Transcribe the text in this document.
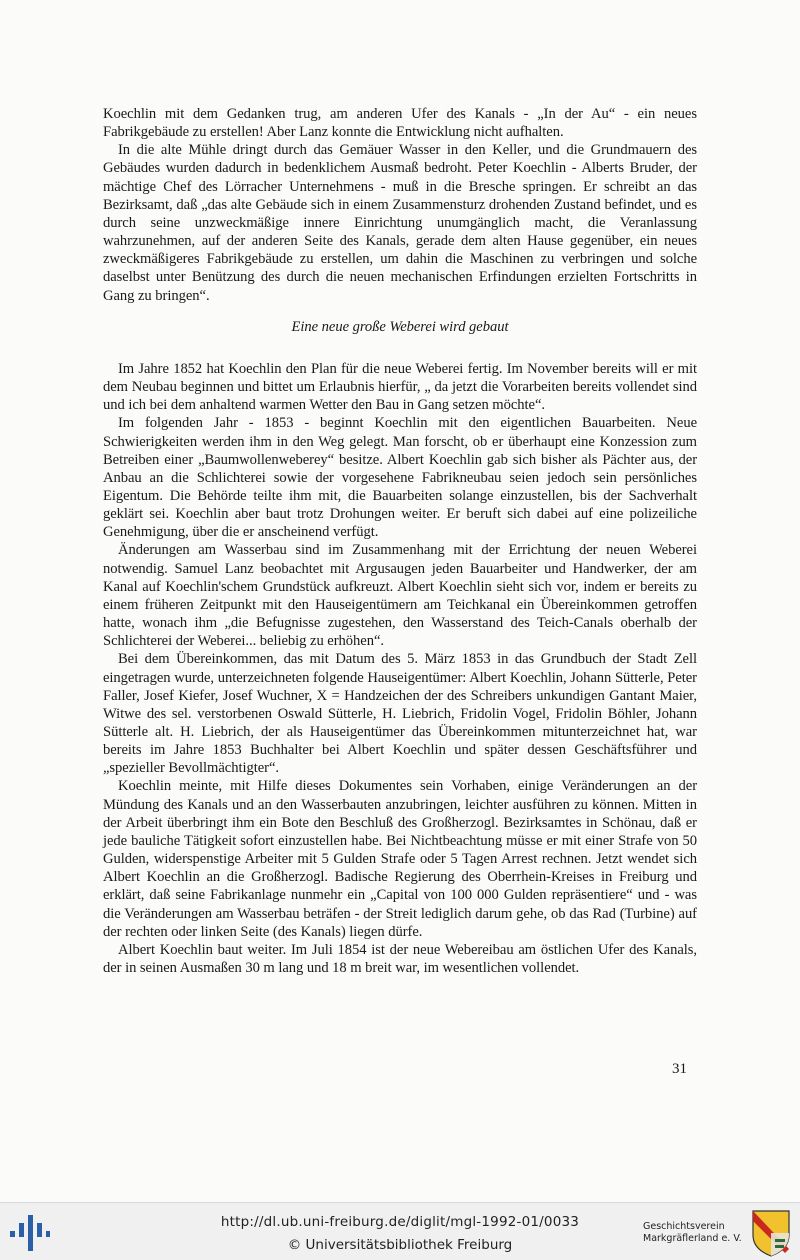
Koechlin mit dem Gedanken trug, am anderen Ufer des Kanals - „In der Au“ - ein neues Fabrikgebäude zu erstellen! Aber Lanz konnte die Entwicklung nicht aufhalten.

In die alte Mühle dringt durch das Gemäuer Wasser in den Keller, und die Grundmauern des Gebäudes wurden dadurch in bedenklichem Ausmaß bedroht. Peter Koechlin - Alberts Bruder, der mächtige Chef des Lörracher Unternehmens - muß in die Bresche springen. Er schreibt an das Bezirksamt, daß „das alte Gebäude sich in einem Zusammensturz drohenden Zustand befindet, und es durch seine unzweckmäßige innere Einrichtung unumgänglich macht, die Veranlassung wahrzunehmen, auf der anderen Seite des Kanals, gerade dem alten Hause gegenüber, ein neues zweckmäßigeres Fabrikgebäude zu erstellen, um dahin die Maschinen zu verbringen und solche daselbst unter Benützung des durch die neuen mechanischen Erfindungen erzielten Fortschritts in Gang zu bringen“.

Eine neue große Weberei wird gebaut

Im Jahre 1852 hat Koechlin den Plan für die neue Weberei fertig. Im November bereits will er mit dem Neubau beginnen und bittet um Erlaubnis hierfür, „ da jetzt die Vorarbeiten bereits vollendet sind und ich bei dem anhaltend warmen Wetter den Bau in Gang setzen möchte“.

Im folgenden Jahr - 1853 - beginnt Koechlin mit den eigentlichen Bauarbeiten. Neue Schwierigkeiten werden ihm in den Weg gelegt. Man forscht, ob er überhaupt eine Konzession zum Betreiben einer „Baumwollenweberey“ besitze. Albert Koechlin gab sich bisher als Pächter aus, der Anbau an die Schlichterei sowie der vorgesehene Fabrikneubau seien jedoch sein persönliches Eigentum. Die Behörde teilte ihm mit, die Bauarbeiten solange einzustellen, bis der Sachverhalt geklärt sei. Koechlin aber baut trotz Drohungen weiter. Er beruft sich dabei auf eine polizeiliche Genehmigung, über die er anscheinend verfügt.

Änderungen am Wasserbau sind im Zusammenhang mit der Errichtung der neuen Weberei notwendig. Samuel Lanz beobachtet mit Argusaugen jeden Bauarbeiter und Handwerker, der am Kanal auf Koechlin'schem Grundstück aufkreuzt. Albert Koechlin sieht sich vor, indem er bereits zu einem früheren Zeitpunkt mit den Hauseigentümern am Teichkanal ein Übereinkommen getroffen hatte, wonach ihm „die Befugnisse zugestehen, den Wasserstand des Teich-Canals oberhalb der Schlichterei der Weberei... beliebig zu erhöhen“.

Bei dem Übereinkommen, das mit Datum des 5. März 1853 in das Grundbuch der Stadt Zell eingetragen wurde, unterzeichneten folgende Hauseigentümer: Albert Koechlin, Johann Sütterle, Peter Faller, Josef Kiefer, Josef Wuchner, X = Handzeichen der des Schreibers unkundigen Gantant Maier, Witwe des sel. verstorbenen Oswald Sütterle, H. Liebrich, Fridolin Vogel, Fridolin Böhler, Johann Sütterle alt. H. Liebrich, der als Hauseigentümer das Übereinkommen mitunterzeichnet hat, war bereits im Jahre 1853 Buchhalter bei Albert Koechlin und später dessen Geschäftsführer und „spezieller Bevollmächtigter“.

Koechlin meinte, mit Hilfe dieses Dokumentes sein Vorhaben, einige Veränderungen an der Mündung des Kanals und an den Wasserbauten anzubringen, leichter ausführen zu können. Mitten in der Arbeit überbringt ihm ein Bote den Beschluß des Großherzogl. Bezirksamtes in Schönau, daß er jede bauliche Tätigkeit sofort einzustellen habe. Bei Nichtbeachtung müsse er mit einer Strafe von 50 Gulden, widerspenstige Arbeiter mit 5 Gulden Strafe oder 5 Tagen Arrest rechnen. Jetzt wendet sich Albert Koechlin an die Großherzogl. Badische Regierung des Oberrhein-Kreises in Freiburg und erklärt, daß seine Fabrikanlage nunmehr ein „Capital von 100 000 Gulden repräsentiere“ und - was die Veränderungen am Wasserbau beträfen - der Streit lediglich darum gehe, ob das Rad (Turbine) auf der rechten oder linken Seite (des Kanals) liegen dürfe.

Albert Koechlin baut weiter. Im Juli 1854 ist der neue Webereibau am östlichen Ufer des Kanals, der in seinen Ausmaßen 30 m lang und 18 m breit war, im wesentlichen vollendet.

31
http://dl.ub.uni-freiburg.de/diglit/mgl-1992-01/0033
© Universitätsbibliothek Freiburg
Geschichtsverein
Markgräflerland e. V.
